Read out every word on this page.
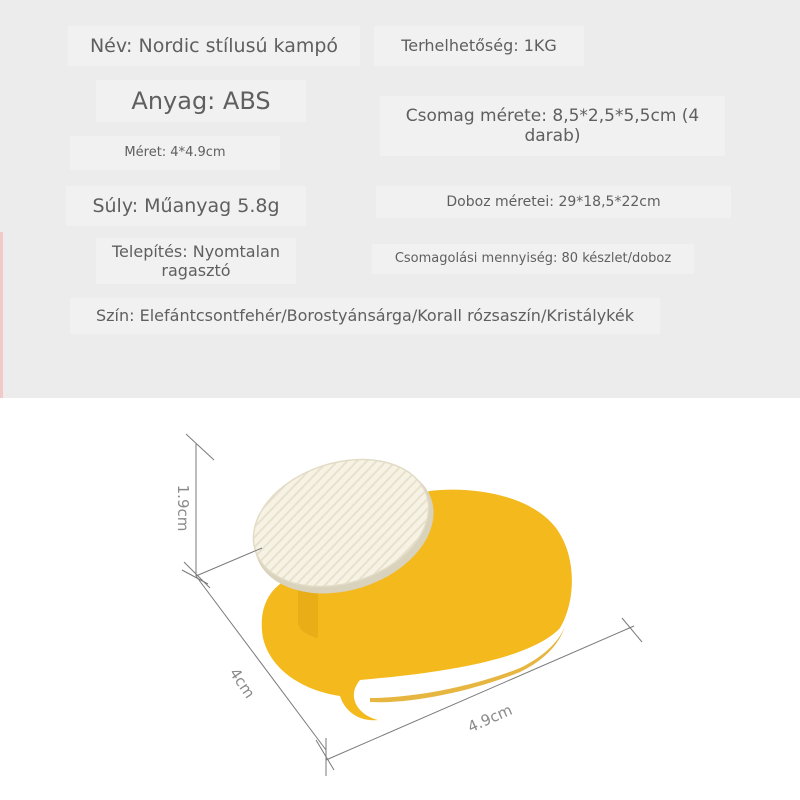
Név: Nordic stílusú kampó	Terhelhetőség: 1KG
Anyag: ABS
Csomag mérete: 8,5*2,5*5,5cm (4 darab)
Méret: 4*4.9cm
Súly: Műanyag 5.8g	Doboz méretei: 29*18,5*22cm
Telepítés: Nyomtalan ragasztó
Csomagolási mennyiség: 80 készlet/doboz
Szín: Elefántcsontfehér/Borostyánsárga/Korall rózsaszín/Kristálykék
1.9cm
4cm
4.9cm
